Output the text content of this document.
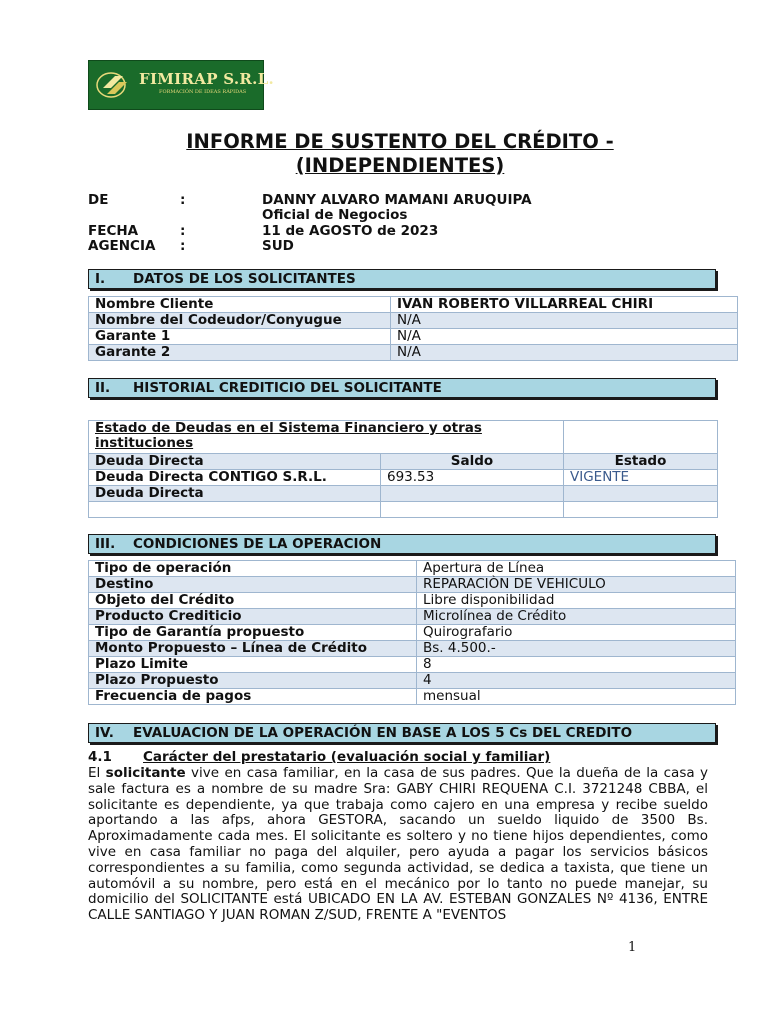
FIMIRAP S.R.L.
FORMACIÓN DE IDEAS RÁPIDAS
INFORME DE SUSTENTO DEL CRÉDITO -
(INDEPENDIENTES)
DE	:	DANNY ALVARO MAMANI ARUQUIPA
Oficial de Negocios
FECHA	:	11 de AGOSTO de 2023
AGENCIA :	SUD
I. DATOS DE LOS SOLICITANTES
Nombre Cliente	IVAN ROBERTO VILLARREAL CHIRI
Nombre del Codeudor/Conyugue	N/A
Garante 1	N/A
Garante 2	N/A
II. HISTORIAL CREDITICIO DEL SOLICITANTE
Estado de Deudas en el Sistema Financiero y otras
instituciones		

Deuda Directa	Saldo	Estado
Deuda Directa CONTIGO S.R.L.	693.53	VIGENTE
Deuda Directa		

III. CONDICIONES DE LA OPERACION
Tipo de operación	Apertura de Línea
Destino	REPARACIÒN DE VEHICULO
Objeto del Crédito	Libre disponibilidad
Producto Crediticio	Microlínea de Crédito
Tipo de Garantía propuesto	Quirografario
Monto Propuesto – Línea de Crédito	Bs. 4.500.-
Plazo Limite	8
Plazo Propuesto	4
Frecuencia de pagos	mensual
IV. EVALUACION DE LA OPERACIÓN EN BASE A LOS 5 Cs DEL CREDITO
4.1 Carácter del prestatario (evaluación social y familiar)
El solicitante vive en casa familiar, en la casa de sus padres. Que la dueña de la casa y sale factura es a nombre de su madre Sra: GABY CHIRI REQUENA C.I. 3721248 CBBA, el solicitante es dependiente, ya que trabaja como cajero en una empresa y recibe sueldo aportando a las afps, ahora GESTORA, sacando un sueldo liquido de 3500 Bs. Aproximadamente cada mes. El solicitante es soltero y no tiene hijos dependientes, como vive en casa familiar no paga del alquiler, pero ayuda a pagar los servicios básicos correspondientes a su familia, como segunda actividad, se dedica a taxista, que tiene un automóvil a su nombre, pero está en el mecánico por lo tanto no puede manejar, su domicilio del SOLICITANTE está UBICADO EN LA AV. ESTEBAN GONZALES Nº 4136, ENTRE CALLE SANTIAGO Y JUAN ROMAN Z/SUD, FRENTE A "EVENTOS
1
